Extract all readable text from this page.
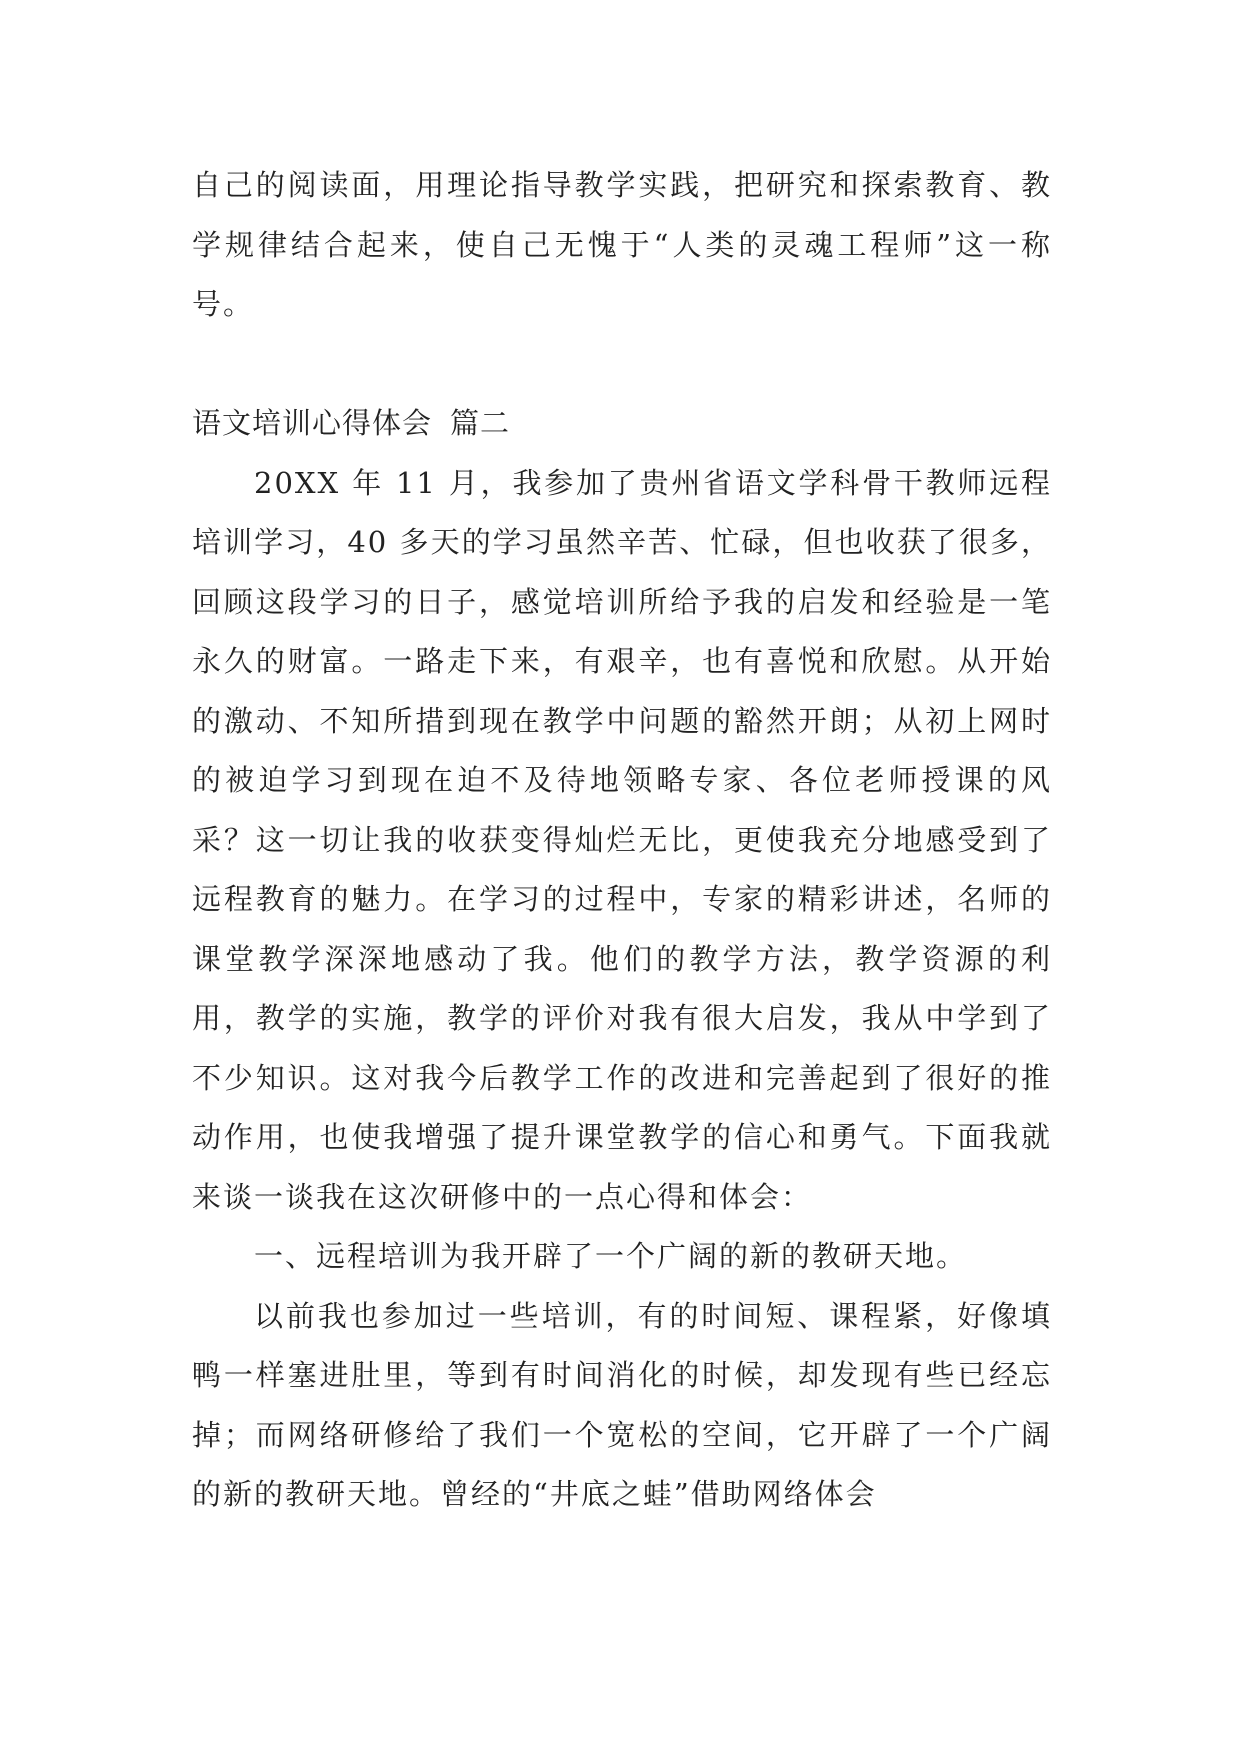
自己的阅读面，用理论指导教学实践，把研究和探索教育、教学规律结合起来，使自己无愧于“人类的灵魂工程师”这一称号。

语文培训心得体会 篇二

20XX 年 11 月，我参加了贵州省语文学科骨干教师远程培训学习，40 多天的学习虽然辛苦、忙碌，但也收获了很多，回顾这段学习的日子，感觉培训所给予我的启发和经验是一笔永久的财富。一路走下来，有艰辛，也有喜悦和欣慰。从开始的激动、不知所措到现在教学中问题的豁然开朗；从初上网时的被迫学习到现在迫不及待地领略专家、各位老师授课的风采？这一切让我的收获变得灿烂无比，更使我充分地感受到了远程教育的魅力。在学习的过程中，专家的精彩讲述，名师的课堂教学深深地感动了我。他们的教学方法，教学资源的利用，教学的实施，教学的评价对我有很大启发，我从中学到了不少知识。这对我今后教学工作的改进和完善起到了很好的推动作用，也使我增强了提升课堂教学的信心和勇气。下面我就来谈一谈我在这次研修中的一点心得和体会：

一、远程培训为我开辟了一个广阔的新的教研天地。

以前我也参加过一些培训，有的时间短、课程紧，好像填鸭一样塞进肚里，等到有时间消化的时候，却发现有些已经忘掉；而网络研修给了我们一个宽松的空间，它开辟了一个广阔的新的教研天地。曾经的“井底之蛙”借助网络体会
